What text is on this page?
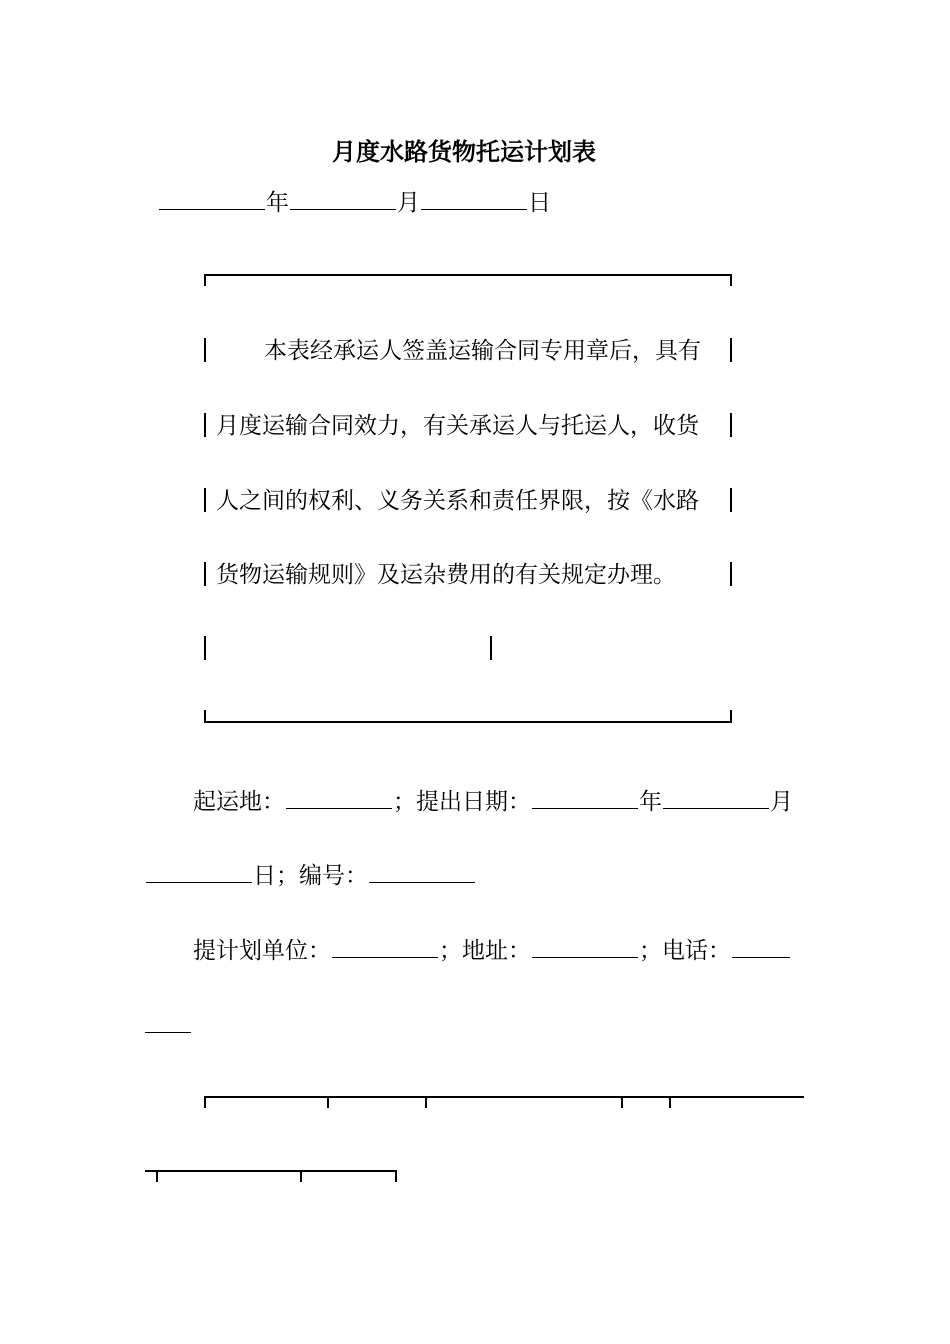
月度水路货物托运计划表
年	月	日
本表经承运人签盖运输合同专用章后，具有
月度运输合同效力，有关承运人与托运人，收货
人之间的权利、义务关系和责任界限，按《水路
货物运输规则》及运杂费用的有关规定办理。
起运地：	；提出日期：	年	月
日；编号：
提计划单位：	；地址：	；电话：
